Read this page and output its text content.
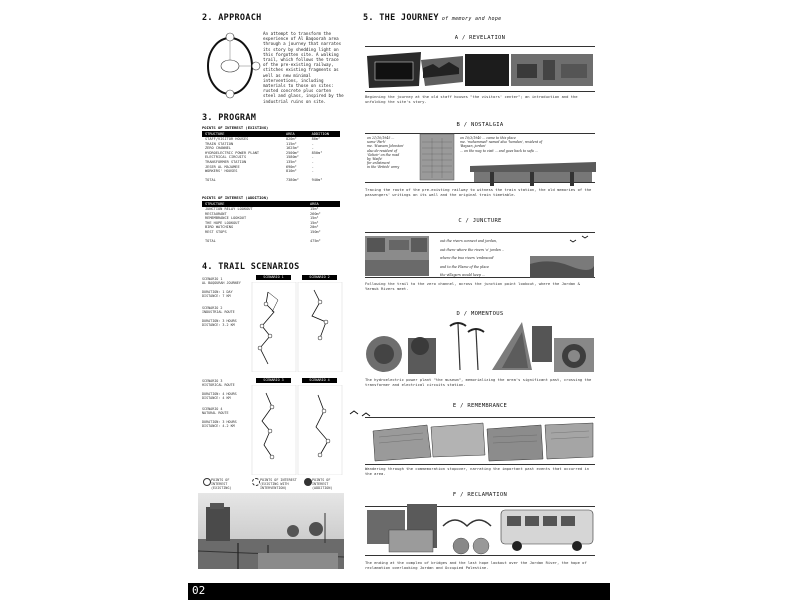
2. APPROACH
An attempt to transform the experience of Al Baqoorah area through a journey that narrates its story by shedding light on this forgotten site. A walking trail, which follows the trace of the pre-existing railway, stitches existing fragments as well as new minimal interventions, including materials to those on sites: rusted concrete plus corten steel and glass, inspired by the industrial ruins on site.
3. PROGRAM
POINTS OF INTEREST (EXISTING)
STRUCTURE	AREA	ADDITION
STAFF/VISITOR HOUSES	820m²	80m²
TRAIN STATION	115m²	-
ZERO CHANNEL	1625m²	-
HYDROELECTRIC POWER PLANT	2500m²	850m²
ELECTRICAL CIRCUITS	1580m²	-
TRANSFORMER STATION	135m²	-
JESER AL MAJAMEE	690m²	-
WORKERS' HOUSES	810m²	-

TOTAL	7380m²	940m²
POINTS OF INTEREST (ADDITION)
STRUCTURE	AREA
JUNCTION RELAY LOOKOUT	15m²
RESTAURANT	260m²
REMEMBRANCE LOOKOUT	15m²
THE HOPE LOOKOUT	15m²
BIRD WATCHING	20m²
REST STOPS	150m²

TOTAL	475m²
4. TRAIL SCENARIOS
SCENARIO 1
AL BAQOURAH JOURNEY

DURATION: 1 DAY
DISTANCE: 7 KM
SCENARIO 2
INDUSTRIAL ROUTE

DURATION: 3 HOURS
DISTANCE: 3.2 KM
SCENARIO 3
HISTORICAL ROUTE

DURATION: 4 HOURS
DISTANCE: 4 KM
SCENARIO 4
NATURAL ROUTE

DURATION: 3 HOURS
DISTANCE: 4.2 KM
SCENARIO 1	SCENARIO 2
SCENARIO 3	SCENARIO 4
POINTS OF INTEREST (EXISTING)
POINTS OF INTEREST (EXISTING WITH INTERVENTION)
POINTS OF INTEREST (ADDITION)
5. THE JOURNEY of memory and hope
A / REVELATION
Beginning the journey at the old staff houses "the visitors' center"; an introduction and the unfolding the site's story.
B / NOSTALGIA
on 21/10/1945 ...
some 'Farh'
me. 'Hussam Johnston'
also de-resident of
'Gebeir' on the road
by 'Haifa'
for enlistment
in the 'British' army
on 10/3/1940 ... came to this place
me. 'mohammed' named also 'homdan', resident of
'Baysan, jordan'
... on the way to visit ... and goes back to safa ...
Tracing the route of the pre-existing railway to witness the train station, the old memories of the passengers' writings on its wall and the original train timetable.
C / JUNCTURE
out the rivers connect and jordan,
out there where the rivers 'o' jordan ..
where the two rivers 'embraced'
and to the Flame of the place
the villagers would keep ...
Following the trail to the zero channel, across the junction point lookout, where the Jordan & Yarmuk Rivers meet.
D / MOMENTOUS
The hydroelectric power plant "the museum", memorializing the area's significant past, crossing the transformer and electrical circuits station.
E / REMEMBRANCE
Wandering through the commemoration stopover, narrating the important past events that occurred in the area.
F / RECLAMATION
The ending at the complex of bridges and the last hope lookout over the Jordan River, the hope of reclamation overlooking Jordan and Occupied Palestine.
02
